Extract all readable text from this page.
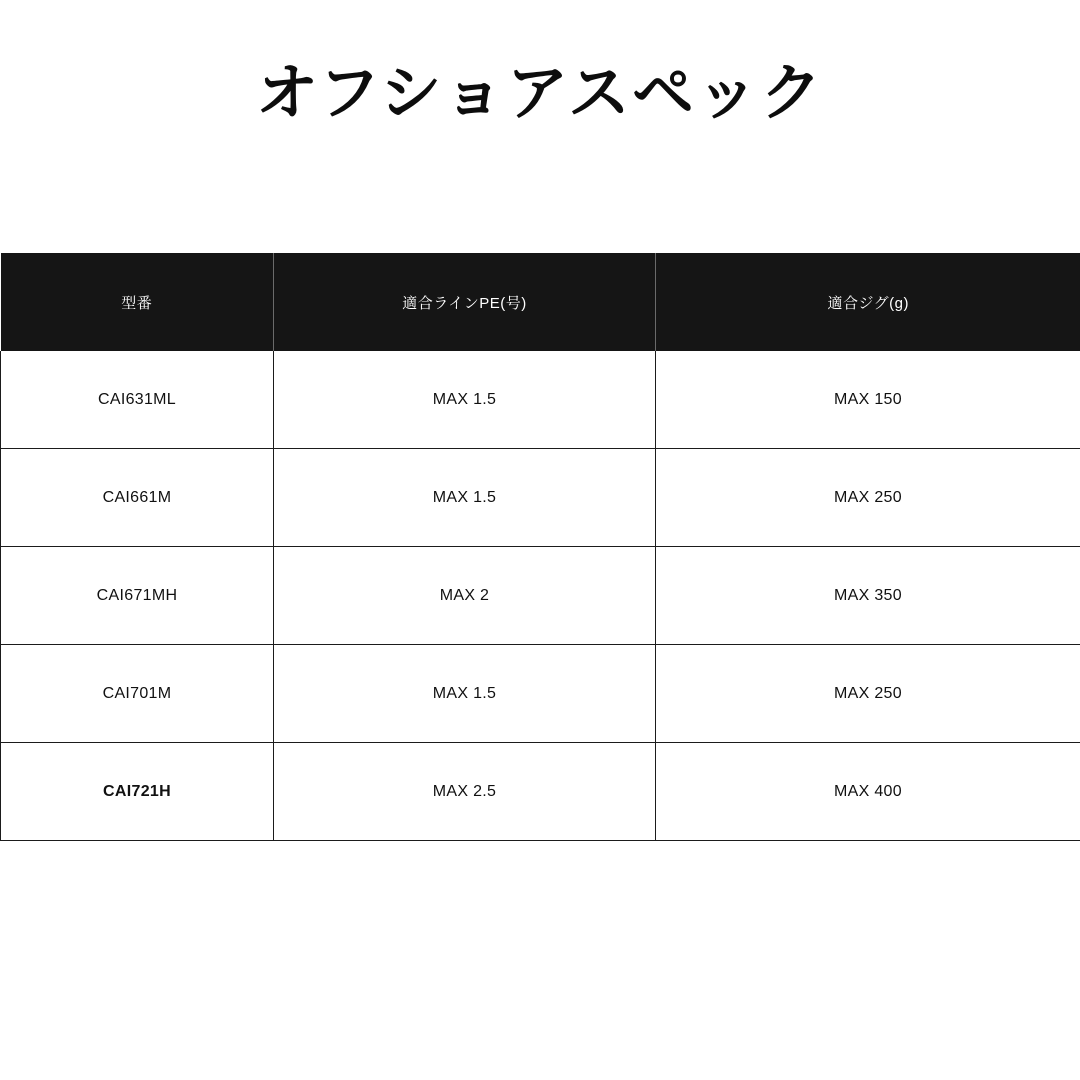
オフショアスペック
型番	適合ラインPE(号)	適合ジグ(g)
CAI631ML	MAX 1.5	MAX 150
CAI661M	MAX 1.5	MAX 250
CAI671MH	MAX 2	MAX 350
CAI701M	MAX 1.5	MAX 250
CAI721H	MAX 2.5	MAX 400
